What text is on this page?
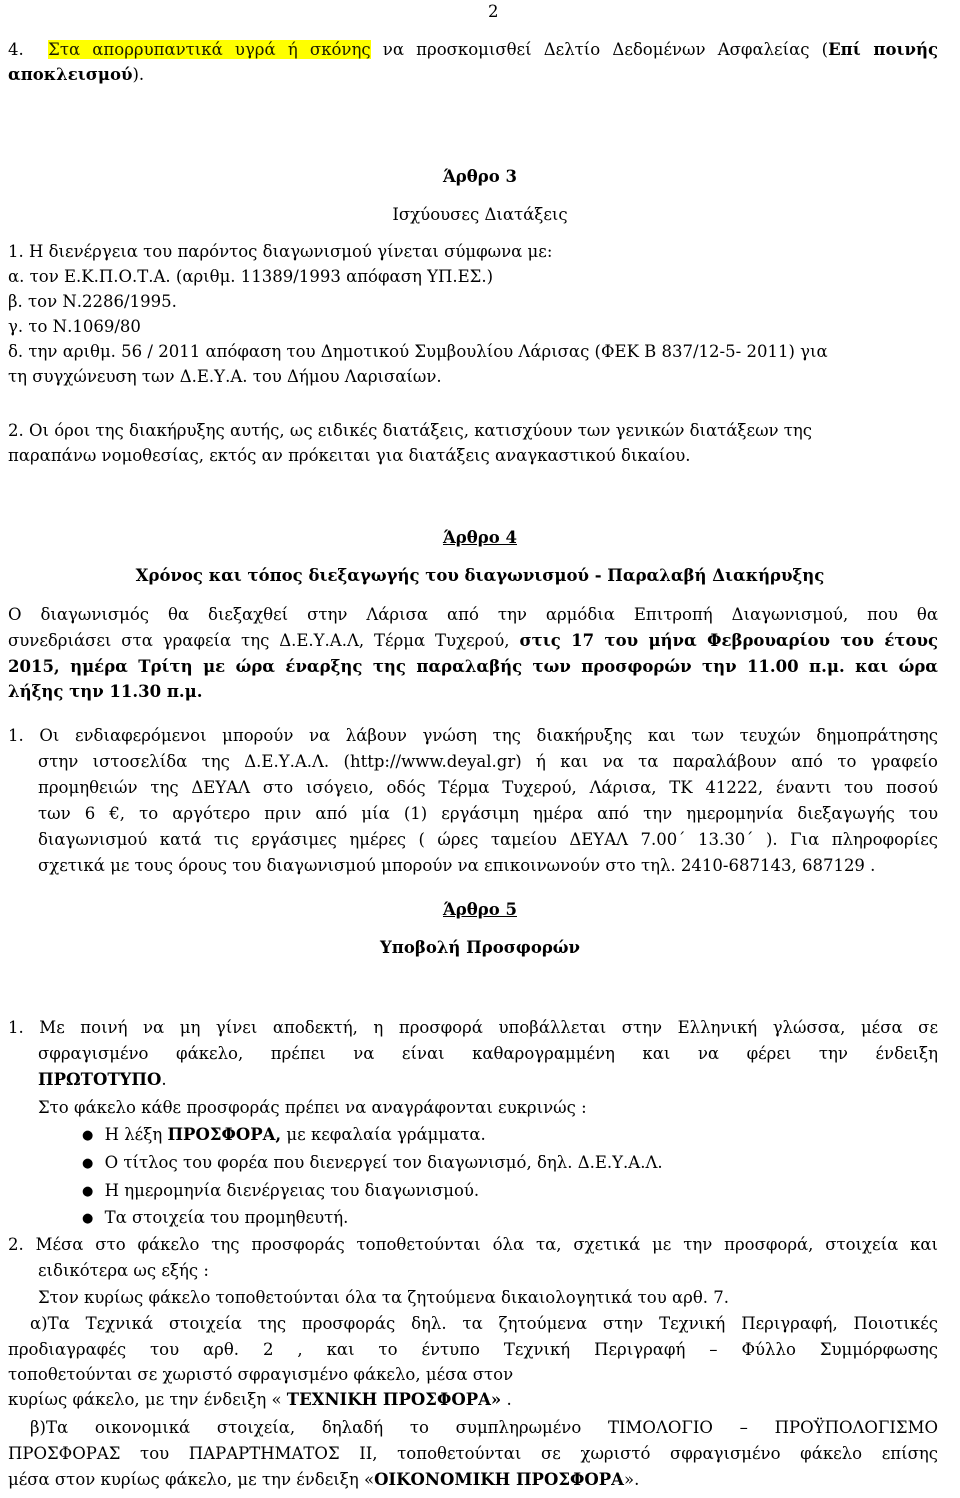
2
4. Στα απορρυπαντικά υγρά ή σκόνης να προσκομισθεί Δελτίο Δεδομένων Ασφαλείας (Επί ποινής
αποκλεισμού).
Άρθρο 3
Ισχύουσες Διατάξεις
1. Η διενέργεια του παρόντος διαγωνισμού γίνεται σύμφωνα με:
α. τον Ε.Κ.Π.Ο.Τ.Α. (αριθμ. 11389/1993 απόφαση ΥΠ.ΕΣ.)
β. τον Ν.2286/1995.
γ. το Ν.1069/80
δ. την αριθμ. 56 / 2011 απόφαση του Δημοτικού Συμβουλίου Λάρισας (ΦΕΚ Β 837/12-5- 2011) για
τη συγχώνευση των Δ.Ε.Υ.Α. του Δήμου Λαρισαίων.
2. Οι όροι της διακήρυξης αυτής, ως ειδικές διατάξεις, κατισχύουν των γενικών διατάξεων της
παραπάνω νομοθεσίας, εκτός αν πρόκειται για διατάξεις αναγκαστικού δικαίου.
Άρθρο 4
Χρόνος και τόπος διεξαγωγής του διαγωνισμού - Παραλαβή Διακήρυξης
Ο διαγωνισμός θα διεξαχθεί στην Λάρισα από την αρμόδια Επιτροπή Διαγωνισμού, που θα
συνεδριάσει στα γραφεία της Δ.Ε.Υ.Α.Λ, Τέρμα Τυχερού, στις 17 του μήνα Φεβρουαρίου του έτους
2015, ημέρα Τρίτη με ώρα έναρξης της παραλαβής των προσφορών την 11.00 π.μ. και ώρα
λήξης την 11.30 π.μ.
1. Οι ενδιαφερόμενοι μπορούν να λάβουν γνώση της διακήρυξης και των τευχών δημοπράτησης
στην ιστοσελίδα της Δ.Ε.Υ.Α.Λ. (http://www.deyal.gr) ή και να τα παραλάβουν από το γραφείο
προμηθειών της ΔΕΥΑΛ στο ισόγειο, οδός Τέρμα Τυχερού, Λάρισα, ΤΚ 41222, έναντι του ποσού
των 6 €, το αργότερο πριν από μία (1) εργάσιμη ημέρα από την ημερομηνία διεξαγωγής του
διαγωνισμού κατά τις εργάσιμες ημέρες ( ώρες ταμείου ΔΕΥΑΛ 7.00΄ 13.30΄ ). Για πληροφορίες
σχετικά με τους όρους του διαγωνισμού μπορούν να επικοινωνούν στο τηλ. 2410-687143, 687129 .
Άρθρο 5
Υποβολή Προσφορών
1. Με ποινή να μη γίνει αποδεκτή, η προσφορά υποβάλλεται στην Ελληνική γλώσσα, μέσα σε
σφραγισμένο φάκελο, πρέπει να είναι καθαρογραμμένη και να φέρει την ένδειξη
ΠΡΩΤΟΤΥΠΟ.
Στο φάκελο κάθε προσφοράς πρέπει να αναγράφονται ευκρινώς :
● Η λέξη ΠΡΟΣΦΟΡΑ, με κεφαλαία γράμματα.
● Ο τίτλος του φορέα που διενεργεί τον διαγωνισμό, δηλ. Δ.Ε.Υ.Α.Λ.
● Η ημερομηνία διενέργειας του διαγωνισμού.
● Τα στοιχεία του προμηθευτή.
2. Μέσα στο φάκελο της προσφοράς τοποθετούνται όλα τα, σχετικά με την προσφορά, στοιχεία και
ειδικότερα ως εξής :
Στον κυρίως φάκελο τοποθετούνται όλα τα ζητούμενα δικαιολογητικά του αρθ. 7.
α)Τα Τεχνικά στοιχεία της προσφοράς δηλ. τα ζητούμενα στην Τεχνική Περιγραφή, Ποιοτικές
προδιαγραφές του αρθ. 2 , και το έντυπο Τεχνική Περιγραφή – Φύλλο Συμμόρφωσης
τοποθετούνται σε χωριστό σφραγισμένο φάκελο, μέσα στον
κυρίως φάκελο, με την ένδειξη « ΤΕΧΝΙΚΗ ΠΡΟΣΦΟΡΑ» .
β)Τα οικονομικά στοιχεία, δηλαδή το συμπληρωμένο ΤΙΜΟΛΟΓΙΟ – ΠΡΟΫΠΟΛΟΓΙΣΜΟ
ΠΡΟΣΦΟΡΑΣ του ΠΑΡΑΡΤΗΜΑΤΟΣ ΙΙ, τοποθετούνται σε χωριστό σφραγισμένο φάκελο επίσης
μέσα στον κυρίως φάκελο, με την ένδειξη «ΟΙΚΟΝΟΜΙΚΗ ΠΡΟΣΦΟΡΑ».
